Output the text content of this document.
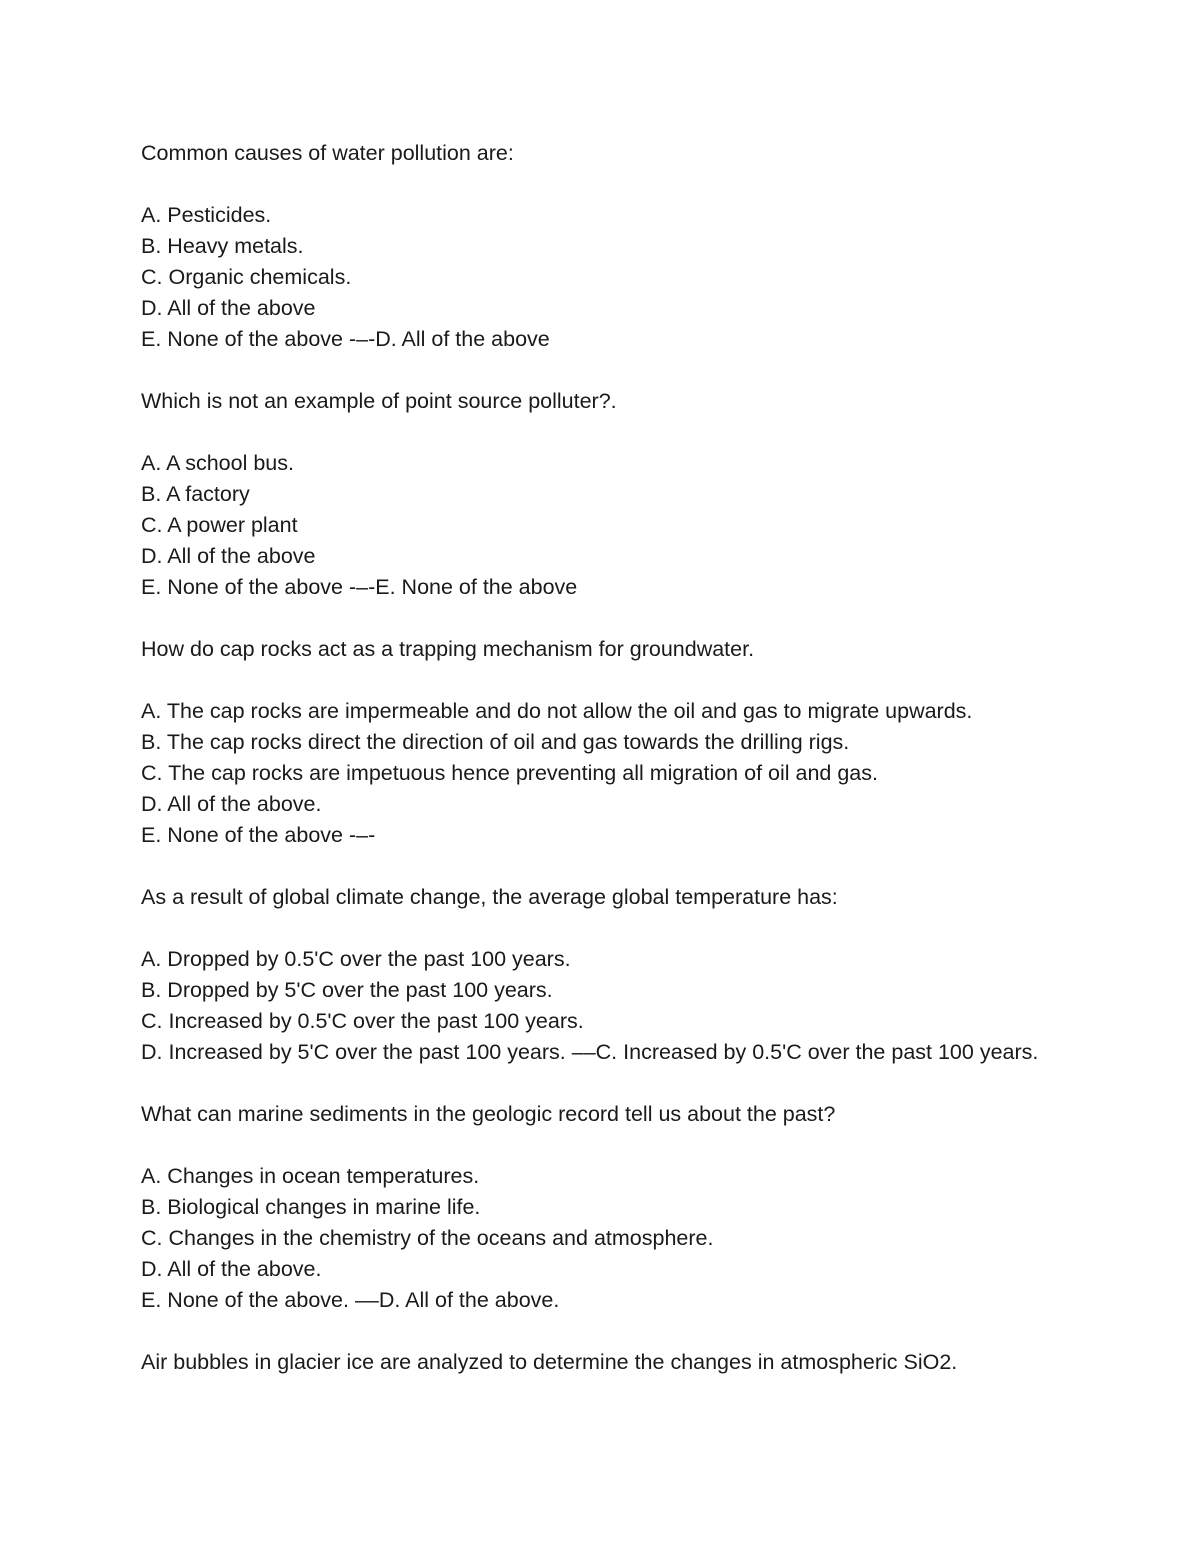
Common causes of water pollution are:
A. Pesticides.
B. Heavy metals.
C. Organic chemicals.
D. All of the above
E. None of the above -–-D. All of the above
Which is not an example of point source polluter?.
A. A school bus.
B. A factory
C. A power plant
D. All of the above
E. None of the above -–-E. None of the above
How do cap rocks act as a trapping mechanism for groundwater.
A. The cap rocks are impermeable and do not allow the oil and gas to migrate upwards.
B. The cap rocks direct the direction of oil and gas towards the drilling rigs.
C. The cap rocks are impetuous hence preventing all migration of oil and gas.
D. All of the above.
E. None of the above -–-
As a result of global climate change, the average global temperature has:
A. Dropped by 0.5'C over the past 100 years.
B. Dropped by 5'C over the past 100 years.
C. Increased by 0.5'C over the past 100 years.
D. Increased by 5'C over the past 100 years. ––C. Increased by 0.5'C over the past 100 years.
What can marine sediments in the geologic record tell us about the past?
A. Changes in ocean temperatures.
B. Biological changes in marine life.
C. Changes in the chemistry of the oceans and atmosphere.
D. All of the above.
E. None of the above. ––D. All of the above.
Air bubbles in glacier ice are analyzed to determine the changes in atmospheric SiO2.
